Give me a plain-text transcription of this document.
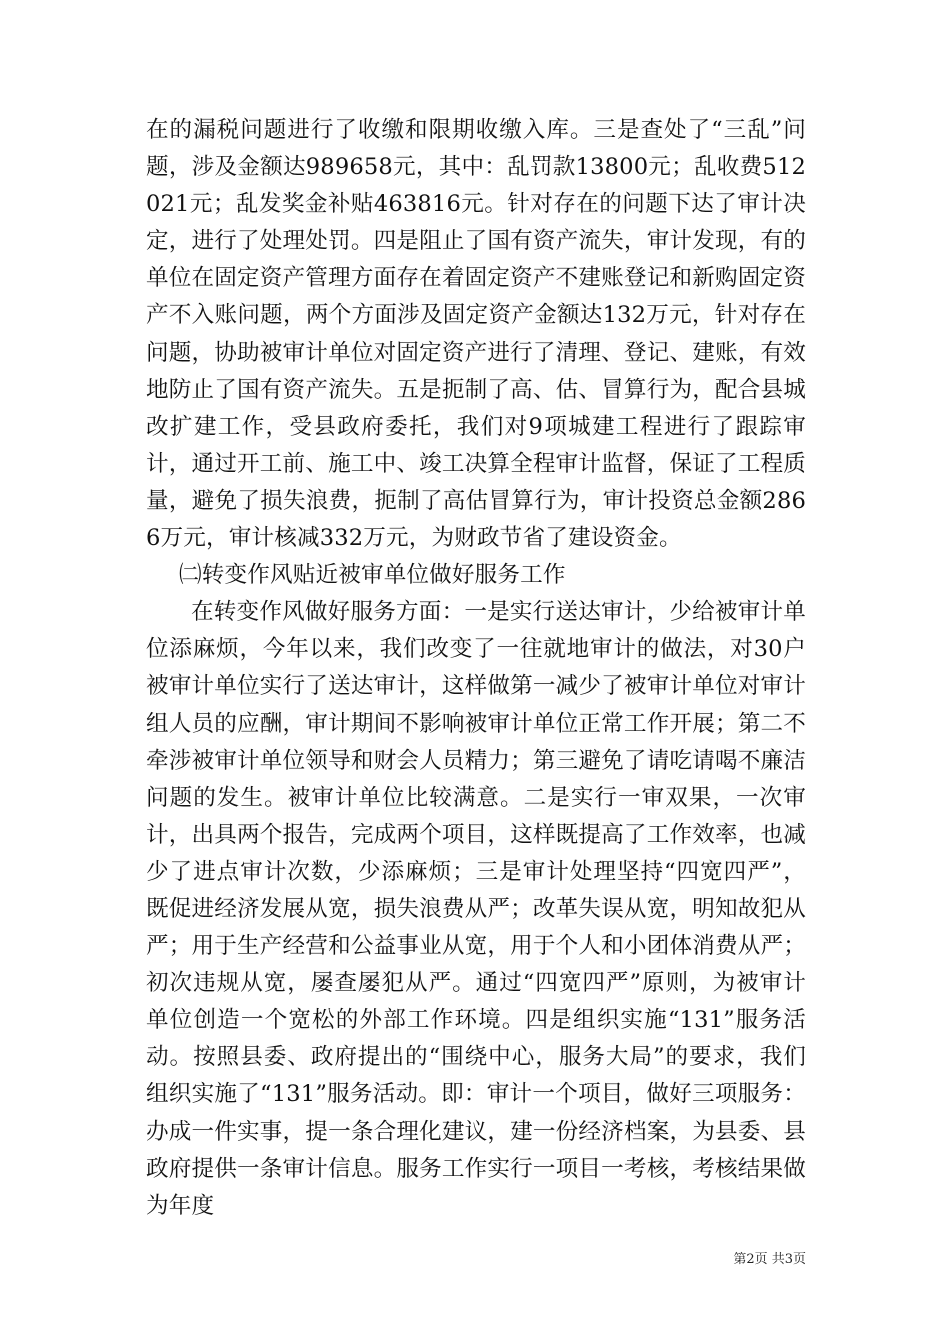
在的漏税问题进行了收缴和限期收缴入库。三是查处了“三乱”问题，涉及金额达989658元，其中：乱罚款13800元；乱收费512021元；乱发奖金补贴463816元。针对存在的问题下达了审计决定，进行了处理处罚。四是阻止了国有资产流失，审计发现，有的单位在固定资产管理方面存在着固定资产不建账登记和新购固定资产不入账问题，两个方面涉及固定资产金额达132万元，针对存在问题，协助被审计单位对固定资产进行了清理、登记、建账，有效地防止了国有资产流失。五是扼制了高、估、冒算行为，配合县城改扩建工作，受县政府委托，我们对9项城建工程进行了跟踪审计，通过开工前、施工中、竣工决算全程审计监督，保证了工程质量，避免了损失浪费，扼制了高估冒算行为，审计投资总金额2866万元，审计核减332万元，为财政节省了建设资金。

㈡转变作风贴近被审单位做好服务工作

在转变作风做好服务方面：一是实行送达审计，少给被审计单位添麻烦，今年以来，我们改变了一往就地审计的做法，对30户被审计单位实行了送达审计，这样做第一减少了被审计单位对审计组人员的应酬，审计期间不影响被审计单位正常工作开展；第二不牵涉被审计单位领导和财会人员精力；第三避免了请吃请喝不廉洁问题的发生。被审计单位比较满意。二是实行一审双果，一次审计，出具两个报告，完成两个项目，这样既提高了工作效率，也减少了进点审计次数，少添麻烦；三是审计处理坚持“四宽四严”，既促进经济发展从宽，损失浪费从严；改革失误从宽，明知故犯从严；用于生产经营和公益事业从宽，用于个人和小团体消费从严；初次违规从宽，屡查屡犯从严。通过“四宽四严”原则，为被审计单位创造一个宽松的外部工作环境。四是组织实施“131”服务活动。按照县委、政府提出的“围绕中心，服务大局”的要求，我们组织实施了“131”服务活动。即：审计一个项目，做好三项服务：办成一件实事，提一条合理化建议，建一份经济档案，为县委、县政府提供一条审计信息。服务工作实行一项目一考核，考核结果做为年度

第2页 共3页
